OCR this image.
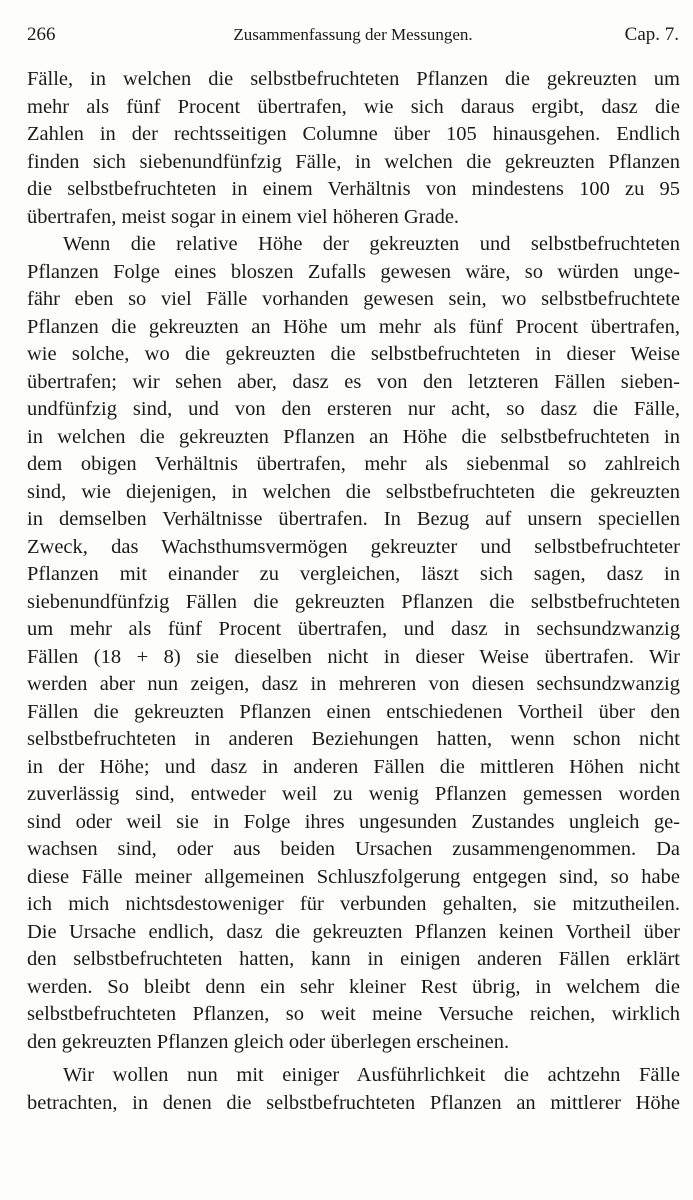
266	Zusammenfassung der Messungen.	Cap. 7.
Fälle, in welchen die selbstbefruchteten Pflanzen die gekreuzten um
mehr als fünf Procent übertrafen, wie sich daraus ergibt, dasz die
Zahlen in der rechtsseitigen Columne über 105 hinausgehen. Endlich
finden sich siebenundfünfzig Fälle, in welchen die gekreuzten Pflanzen
die selbstbefruchteten in einem Verhältnis von mindestens 100 zu 95
übertrafen, meist sogar in einem viel höheren Grade.
Wenn die relative Höhe der gekreuzten und selbstbefruchteten
Pflanzen Folge eines bloszen Zufalls gewesen wäre, so würden unge-
fähr eben so viel Fälle vorhanden gewesen sein, wo selbstbefruchtete
Pflanzen die gekreuzten an Höhe um mehr als fünf Procent übertrafen,
wie solche, wo die gekreuzten die selbstbefruchteten in dieser Weise
übertrafen; wir sehen aber, dasz es von den letzteren Fällen sieben-
undfünfzig sind, und von den ersteren nur acht, so dasz die Fälle,
in welchen die gekreuzten Pflanzen an Höhe die selbstbefruchteten in
dem obigen Verhältnis übertrafen, mehr als siebenmal so zahlreich
sind, wie diejenigen, in welchen die selbstbefruchteten die gekreuzten
in demselben Verhältnisse übertrafen. In Bezug auf unsern speciellen
Zweck, das Wachsthumsvermögen gekreuzter und selbstbefruchteter
Pflanzen mit einander zu vergleichen, läszt sich sagen, dasz in
siebenundfünfzig Fällen die gekreuzten Pflanzen die selbstbefruchteten
um mehr als fünf Procent übertrafen, und dasz in sechsundzwanzig
Fällen (18 + 8) sie dieselben nicht in dieser Weise übertrafen. Wir
werden aber nun zeigen, dasz in mehreren von diesen sechsundzwanzig
Fällen die gekreuzten Pflanzen einen entschiedenen Vortheil über den
selbstbefruchteten in anderen Beziehungen hatten, wenn schon nicht
in der Höhe; und dasz in anderen Fällen die mittleren Höhen nicht
zuverlässig sind, entweder weil zu wenig Pflanzen gemessen worden
sind oder weil sie in Folge ihres ungesunden Zustandes ungleich ge-
wachsen sind, oder aus beiden Ursachen zusammengenommen. Da
diese Fälle meiner allgemeinen Schluszfolgerung entgegen sind, so habe
ich mich nichtsdestoweniger für verbunden gehalten, sie mitzutheilen.
Die Ursache endlich, dasz die gekreuzten Pflanzen keinen Vortheil über
den selbstbefruchteten hatten, kann in einigen anderen Fällen erklärt
werden. So bleibt denn ein sehr kleiner Rest übrig, in welchem die
selbstbefruchteten Pflanzen, so weit meine Versuche reichen, wirklich
den gekreuzten Pflanzen gleich oder überlegen erscheinen.
Wir wollen nun mit einiger Ausführlichkeit die achtzehn Fälle
betrachten, in denen die selbstbefruchteten Pflanzen an mittlerer Höhe
